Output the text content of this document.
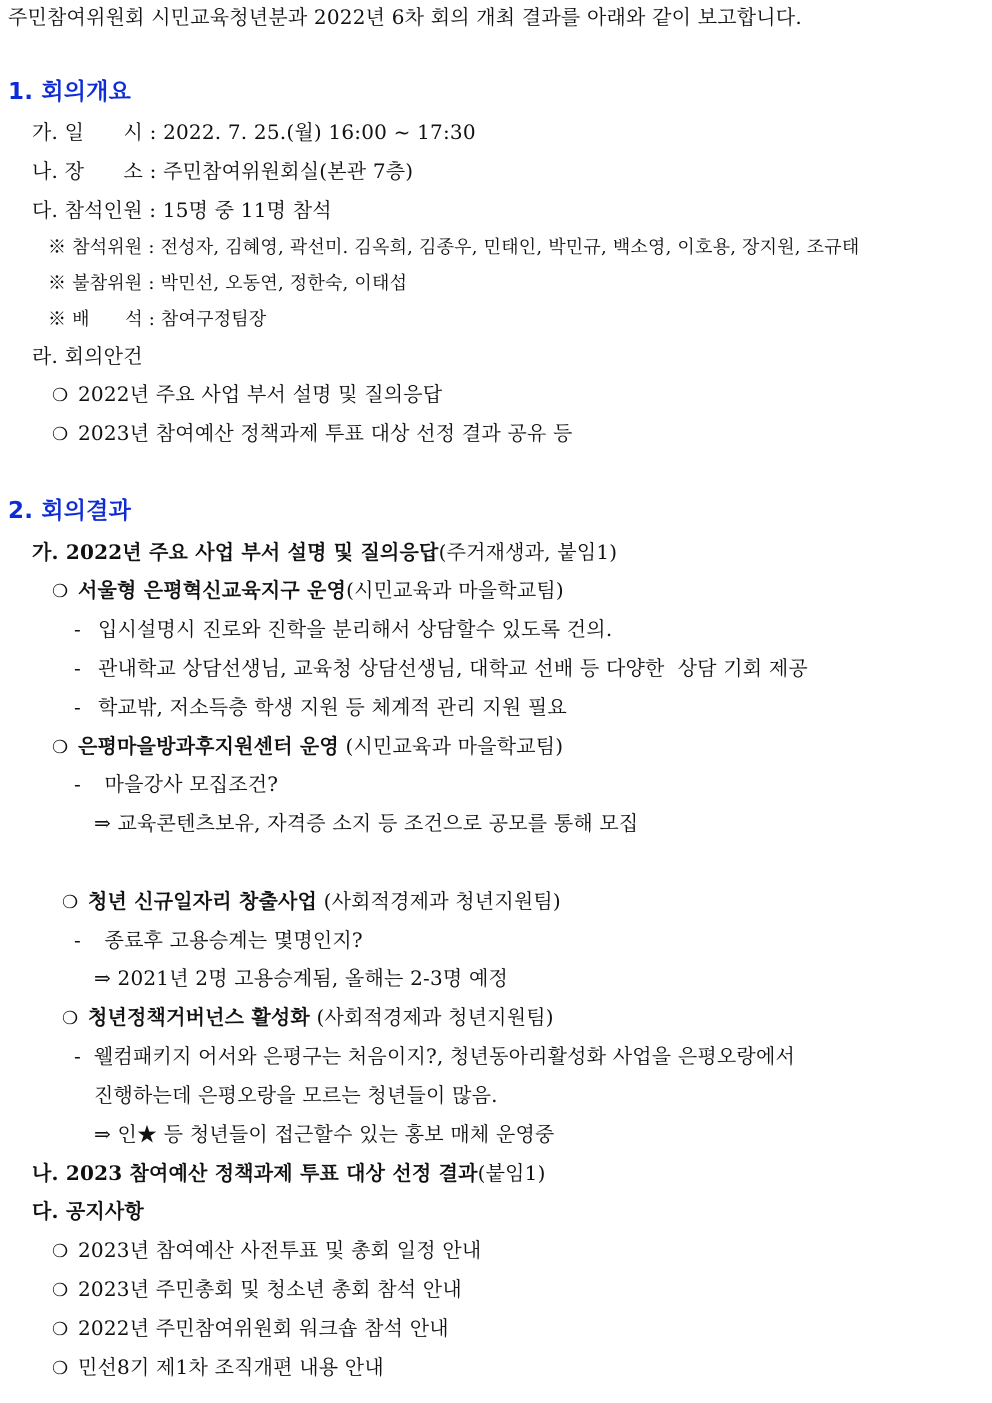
주민참여위원회 시민교육청년분과 2022년 6차 회의 개최 결과를 아래와 같이 보고합니다.
1. 회의개요
가. 일      시 : 2022. 7. 25.(월) 16:00 ~ 17:30
나. 장      소 : 주민참여위원회실(본관 7층)
다. 참석인원 : 15명 중 11명 참석
※ 참석위원 : 전성자, 김혜영, 곽선미. 김옥희, 김종우, 민태인, 박민규, 백소영, 이호용, 장지원, 조규태
※ 불참위원 : 박민선, 오동연, 정한숙, 이태섭
※ 배      석 : 참여구정팀장
라. 회의안건
❍ 2022년 주요 사업 부서 설명 및 질의응답
❍ 2023년 참여예산 정책과제 투표 대상 선정 결과 공유 등
2. 회의결과
가. 2022년 주요 사업 부서 설명 및 질의응답(주거재생과, 붙임1)
❍ 서울형 은평혁신교육지구 운영(시민교육과 마을학교팀)
- 입시설명시 진로와 진학을 분리해서 상담할수 있도록 건의.
- 관내학교 상담선생님, 교육청 상담선생님, 대학교 선배 등 다양한  상담 기회 제공
- 학교밖, 저소득층 학생 지원 등 체계적 관리 지원 필요
❍ 은평마을방과후지원센터 운영 (시민교육과 마을학교팀)
- 마을강사 모집조건?
⇒ 교육콘텐츠보유, 자격증 소지 등 조건으로 공모를 통해 모집
❍ 청년 신규일자리 창출사업 (사회적경제과 청년지원팀)
- 종료후 고용승계는 몇명인지?
⇒ 2021년 2명 고용승계됨, 올해는 2-3명 예정
❍ 청년정책거버넌스 활성화 (사회적경제과 청년지원팀)
- 웰컴패키지 어서와 은평구는 처음이지?, 청년동아리활성화 사업을 은평오랑에서
진행하는데 은평오랑을 모르는 청년들이 많음.
⇒ 인★ 등 청년들이 접근할수 있는 홍보 매체 운영중
나. 2023 참여예산 정책과제 투표 대상 선정 결과(붙임1)
다. 공지사항
❍ 2023년 참여예산 사전투표 및 총회 일정 안내
❍ 2023년 주민총회 및 청소년 총회 참석 안내
❍ 2022년 주민참여위원회 워크숍 참석 안내
❍ 민선8기 제1차 조직개편 내용 안내
